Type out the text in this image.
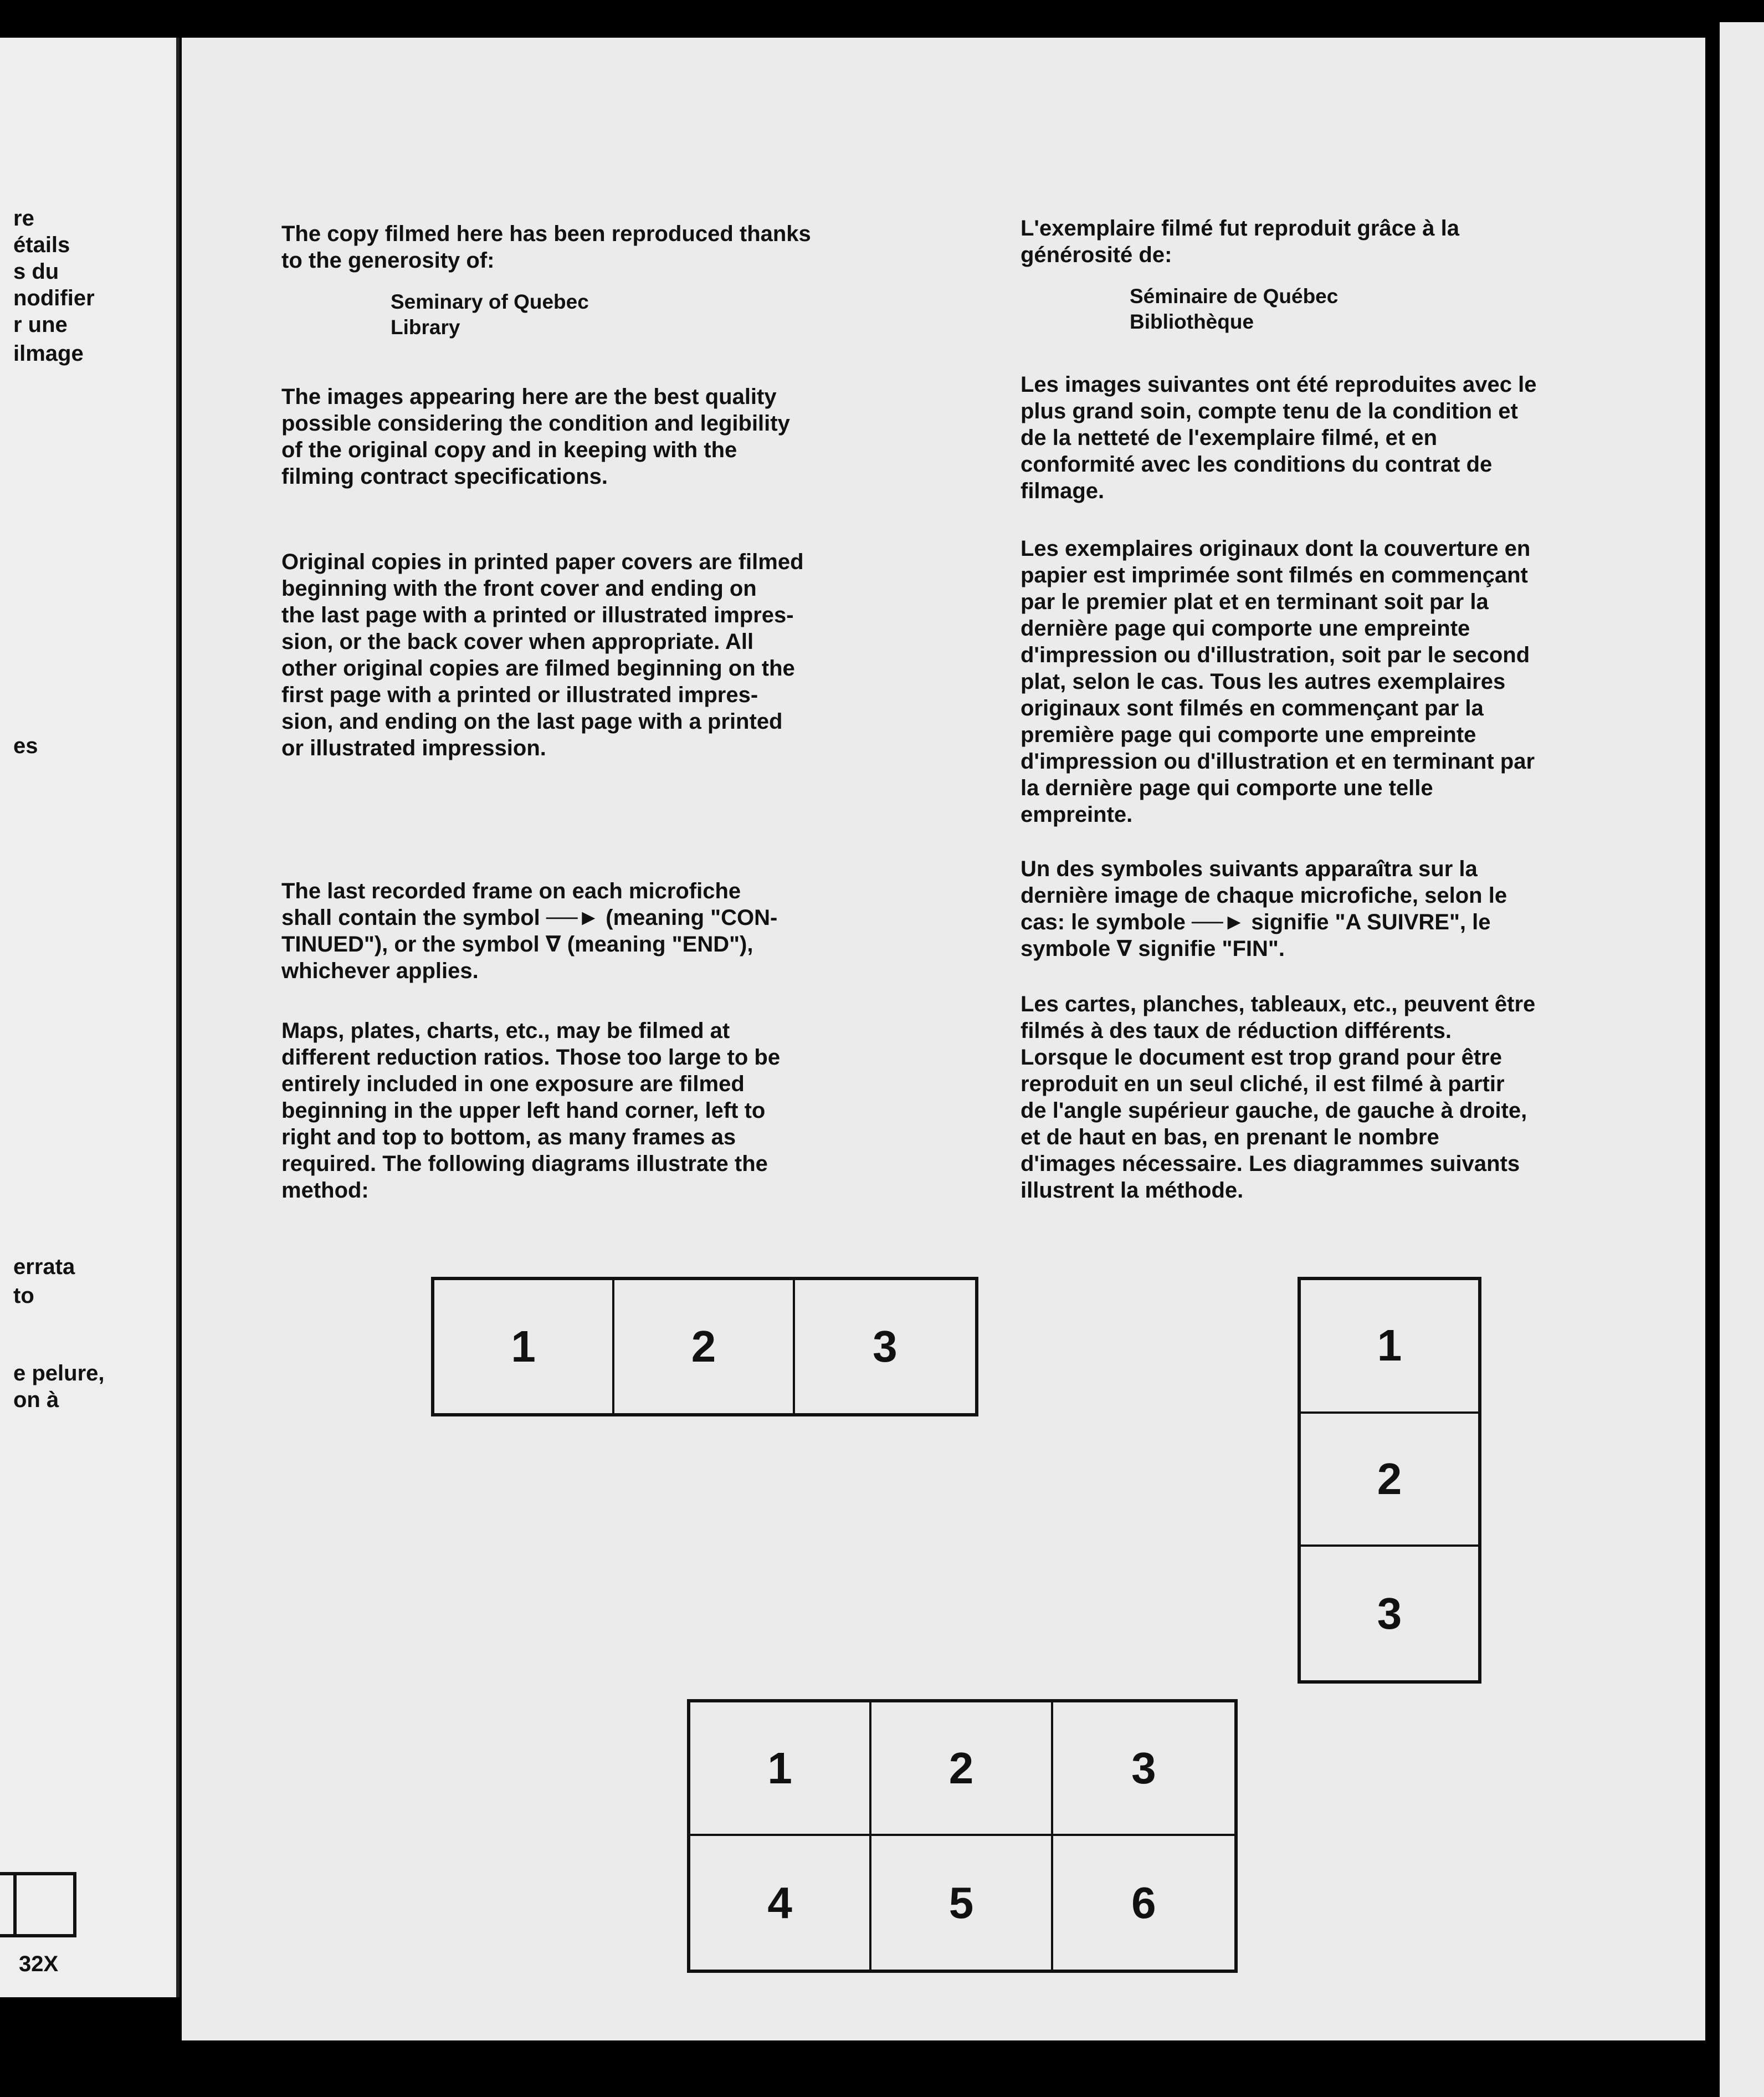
re
étails
s du
nodifier
r une
ilmage
es
errata
to
e pelure,
on à
32X

The copy filmed here has been reproduced thanks
to the generosity of:

Seminary of Quebec
Library

The images appearing here are the best quality
possible considering the condition and legibility
of the original copy and in keeping with the
filming contract specifications.

Original copies in printed paper covers are filmed
beginning with the front cover and ending on
the last page with a printed or illustrated impres-
sion, or the back cover when appropriate. All
other original copies are filmed beginning on the
first page with a printed or illustrated impres-
sion, and ending on the last page with a printed
or illustrated impression.

The last recorded frame on each microfiche
shall contain the symbol ──► (meaning "CON-
TINUED"), or the symbol ∇ (meaning "END"),
whichever applies.

Maps, plates, charts, etc., may be filmed at
different reduction ratios. Those too large to be
entirely included in one exposure are filmed
beginning in the upper left hand corner, left to
right and top to bottom, as many frames as
required. The following diagrams illustrate the
method:

L'exemplaire filmé fut reproduit grâce à la
générosité de:

Séminaire de Québec
Bibliothèque

Les images suivantes ont été reproduites avec le
plus grand soin, compte tenu de la condition et
de la netteté de l'exemplaire filmé, et en
conformité avec les conditions du contrat de
filmage.

Les exemplaires originaux dont la couverture en
papier est imprimée sont filmés en commençant
par le premier plat et en terminant soit par la
dernière page qui comporte une empreinte
d'impression ou d'illustration, soit par le second
plat, selon le cas. Tous les autres exemplaires
originaux sont filmés en commençant par la
première page qui comporte une empreinte
d'impression ou d'illustration et en terminant par
la dernière page qui comporte une telle
empreinte.

Un des symboles suivants apparaîtra sur la
dernière image de chaque microfiche, selon le
cas: le symbole ──► signifie "A SUIVRE", le
symbole ∇ signifie "FIN".

Les cartes, planches, tableaux, etc., peuvent être
filmés à des taux de réduction différents.
Lorsque le document est trop grand pour être
reproduit en un seul cliché, il est filmé à partir
de l'angle supérieur gauche, de gauche à droite,
et de haut en bas, en prenant le nombre
d'images nécessaire. Les diagrammes suivants
illustrent la méthode.

1	2	3	1
2
3
1	2	3
4	5	6
